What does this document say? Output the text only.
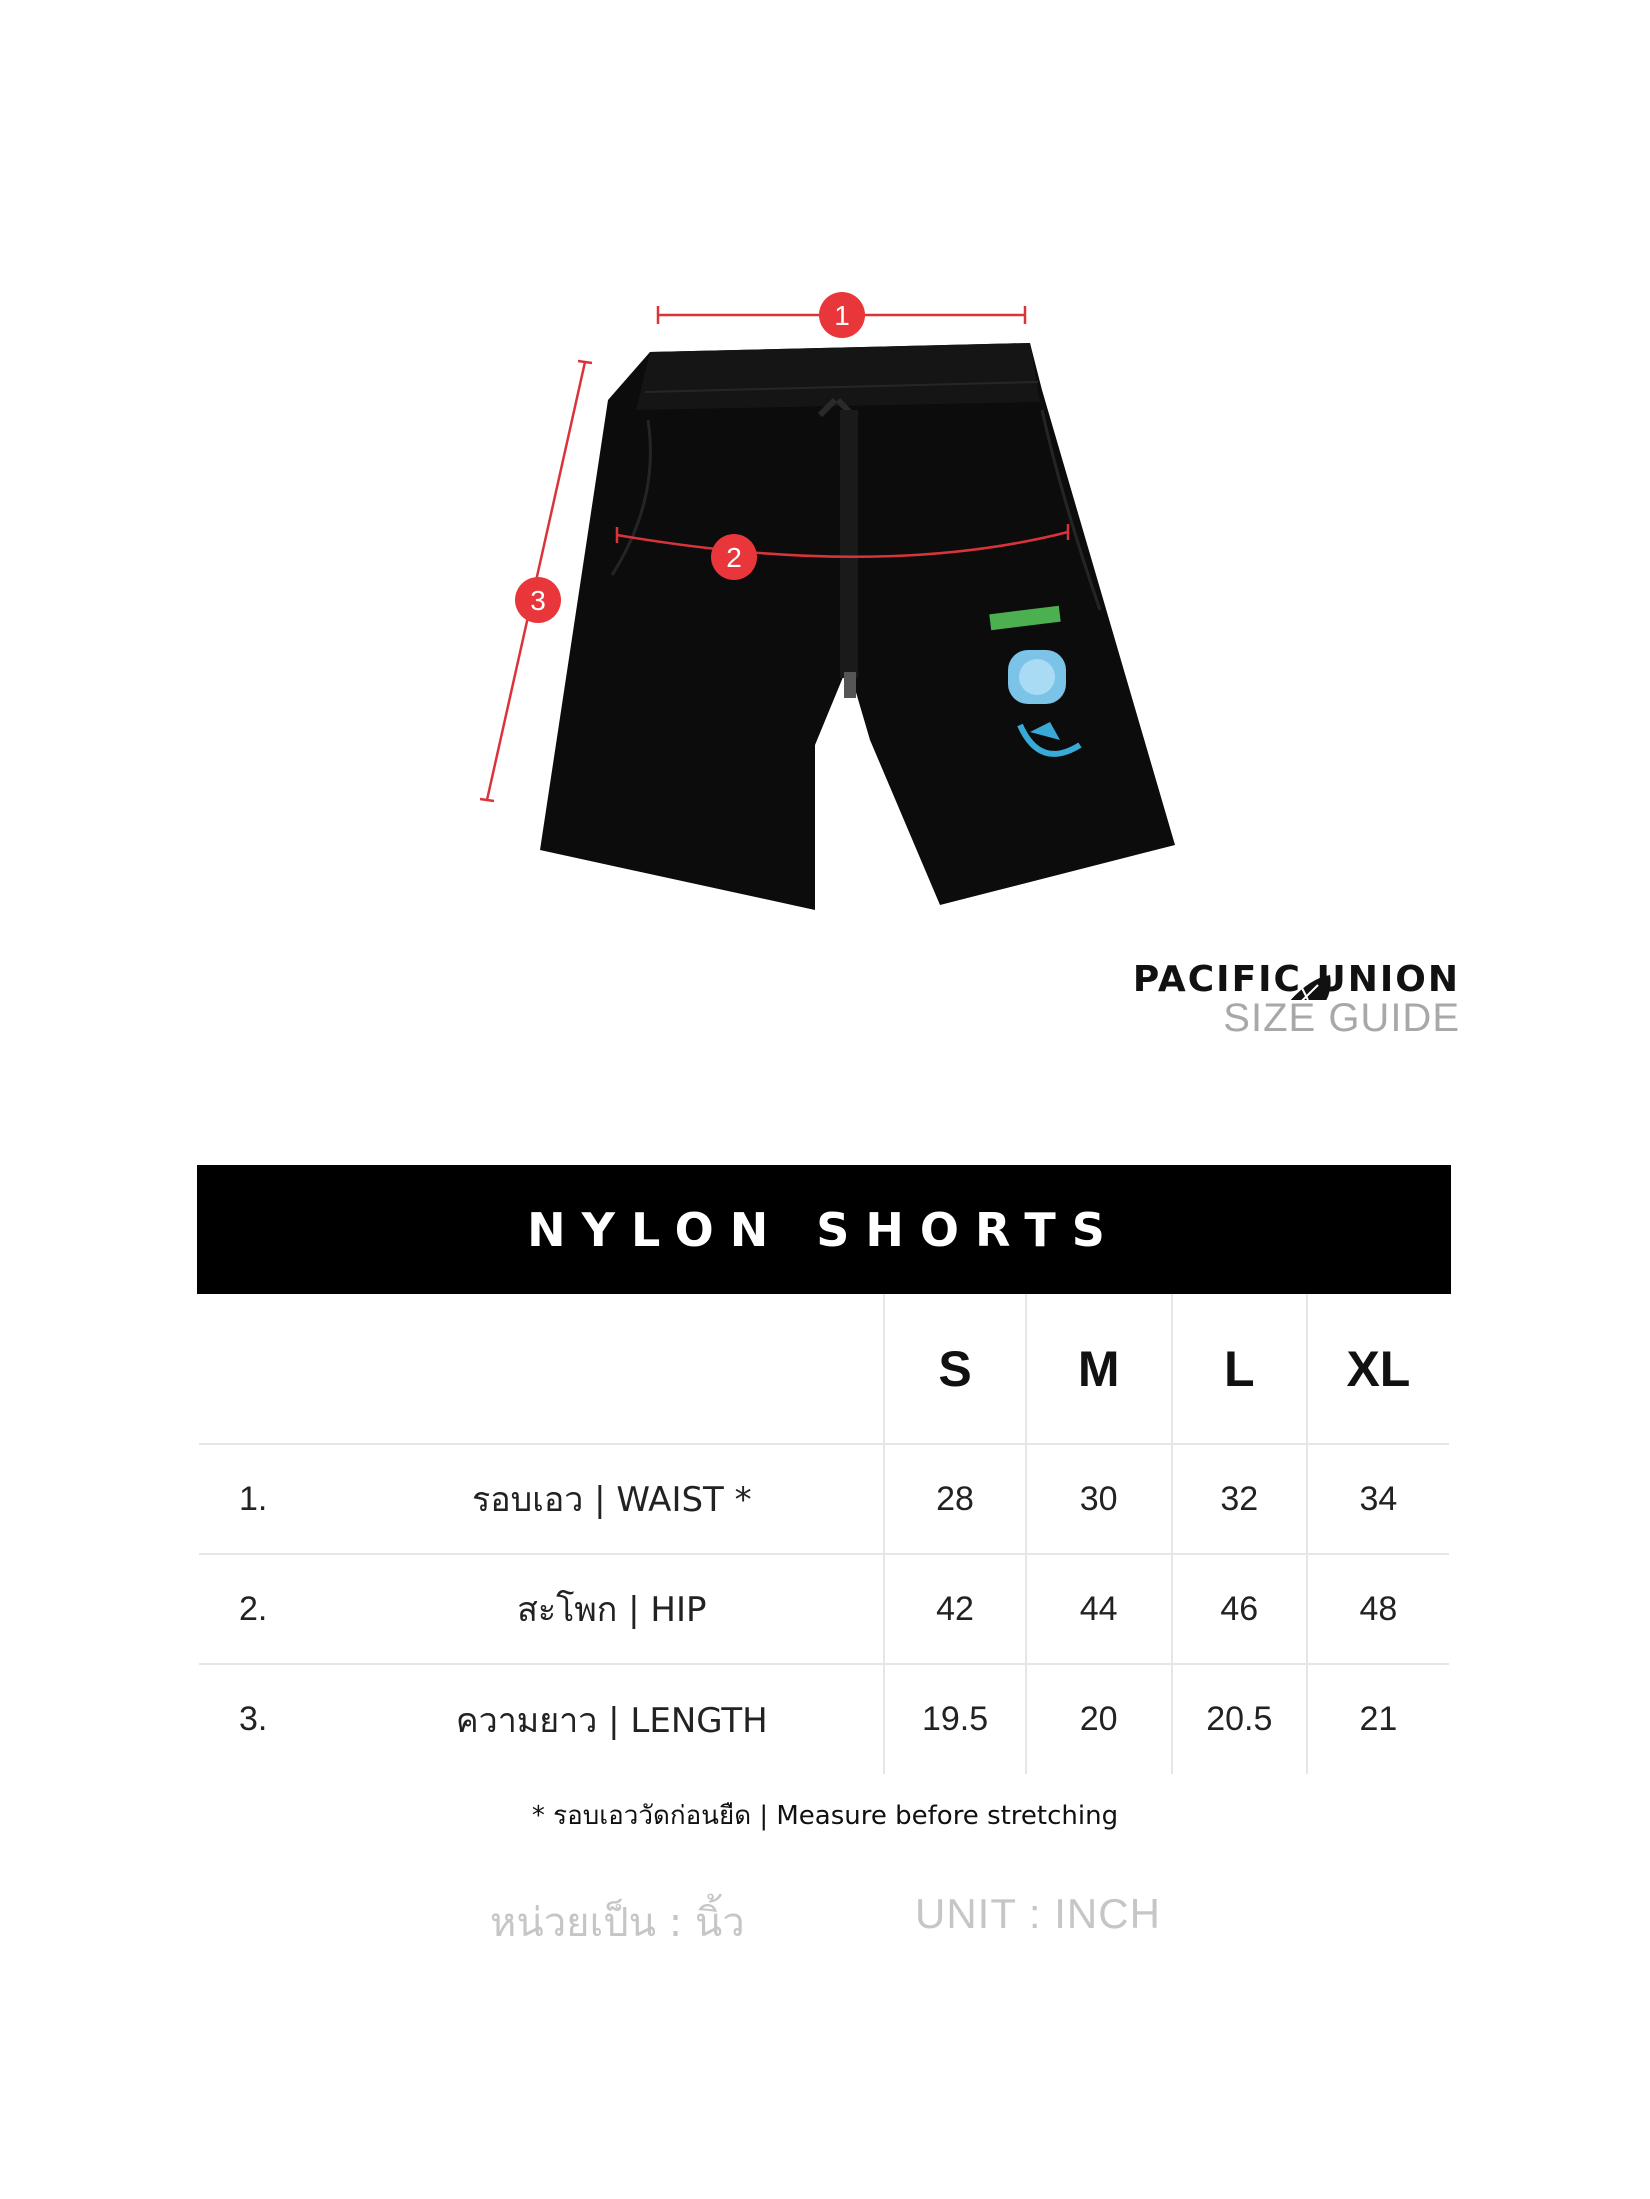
1
2
3
PACIFIC UNION
SIZE GUIDE
NYLON SHORTS
		S	M	L	XL
1.	รอบเอว | WAIST *	28	30	32	34
2.	สะโพก | HIP	42	44	46	48
3.	ความยาว | LENGTH	19.5	20	20.5	21
* รอบเอววัดก่อนยืด | Measure before stretching
หน่วยเป็น : นิ้ว	UNIT : INCH
